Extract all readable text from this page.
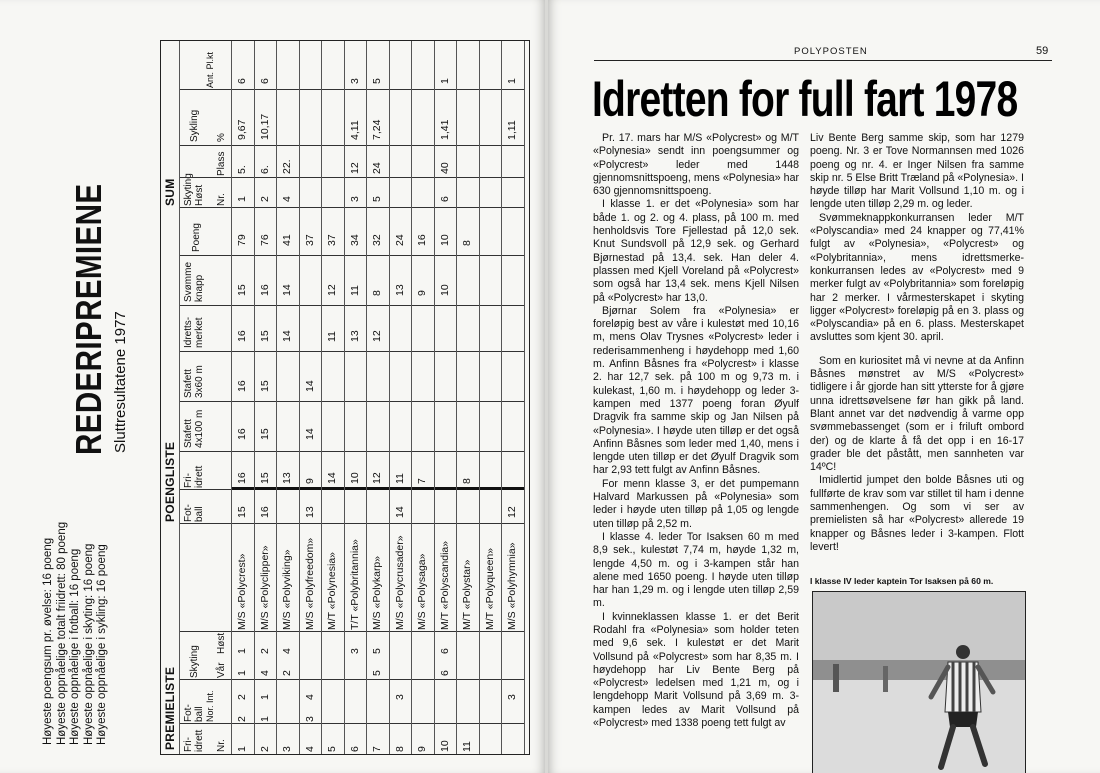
Høyeste poengsum pr. øvelse: 16 poeng Høyeste oppnåelige totalt friidrett: 80 poeng Høyeste oppnåelige i fotball: 16 poeng Høyeste oppnåelige i skyting: 16 poeng Høyeste oppnåelige i sykling: 16 poeng
REDERIPREMIENE Sluttresultatene 1977
PREMIELISTE
POENGLISTE
SUM
Fri-idrett
Fot-ball Nor. Int.
Skyting
Nr.
Vår
Høst
Fot-ball
Fri-idrett
Stafett 4x100 m
Stafett 3x60 m
Idretts-merket
Svømme knapp
Poeng
Skyting Høst Nr.
Plass
Sykling %
Ant. Pl.kt
1
2
2
1
1
M/S «Polycrest»
15
16
16
16
16
15
79
1
5.
9,67
6
2
1
1
4
2
M/S «Polyclipper»
16
15
15
15
15
16
76
2
6.
10,17
6
3
2
4
M/S «Polyviking»
13
14
14
41
4
22.
4
3
4
M/S «Polyfreedom»
13
9
14
14
37
5
M/T «Polynesia»
14
11
12
37
6
3
T/T «Polybritannia»
10
13
11
34
3
12
4,11
3
7
5
5
M/S «Polykarp»
12
12
8
32
5
24
7,24
5
8
3
M/S «Polycrusader»
14
11
13
24
9
M/S «Polysaga»
7
9
16
10
6
6
M/T «Polyscandia»
10
10
6
40
1,41
1
11
M/T «Polystar»
8
8
M/T «Polyqueen»
3
M/S «Polyhymnia»
12
1,11
1
POLYPOSTEN	59
Idretten for full fart 1978

Pr. 17. mars har M/S «Polycrest» og M/T «Polynesia» sendt inn poengsummer og «Polycrest» leder med 1448 gjennomsnittspoeng, mens «Polynesia» har 630 gjennomsnittspoeng.

I klasse 1. er det «Polynesia» som har både 1. og 2. og 4. plass, på 100 m. med henholdsvis Tore Fjellestad på 12,0 sek. Knut Sundsvoll på 12,9 sek. og Gerhard Bjørnestad på 13,4. sek. Han deler 4. plassen med Kjell Voreland på «Polycrest» som også har 13,4 sek. mens Kjell Nilsen på «Polycrest» har 13,0.

Bjørnar Solem fra «Polynesia» er foreløpig best av våre i kulestøt med 10,16 m, mens Olav Trysnes «Polycrest» leder i rederisammenheng i høydehopp med 1,60 m. Anfinn Båsnes fra «Polycrest» i klasse 2. har 12,7 sek. på 100 m og 9,73 m. i kulekast, 1,60 m. i høydehopp og leder 3-kampen med 1377 poeng foran Øyulf Dragvik fra samme skip og Jan Nilsen på «Polynesia». I høyde uten tilløp er det også Anfinn Båsnes som leder med 1,40, mens i lengde uten tilløp er det Øyulf Dragvik som har 2,93 tett fulgt av Anfinn Båsnes.

For menn klasse 3, er det pumpemann Halvard Markussen på «Polynesia» som leder i høyde uten tilløp på 1,05 og lengde uten tilløp på 2,52 m.

I klasse 4. leder Tor Isaksen 60 m med 8,9 sek., kulestøt 7,74 m, høyde 1,32 m, lengde 4,50 m. og i 3-kampen står han alene med 1650 poeng. I høyde uten tilløp har han 1,29 m. og i lengde uten tilløp 2,59 m.

I kvinneklassen klasse 1. er det Berit Rodahl fra «Polynesia» som holder teten med 9,6 sek. I kulestøt er det Marit Vollsund på «Polycrest» som har 8,35 m. I høydehopp har Liv Bente Berg på «Polycrest» ledelsen med 1,21 m, og i lengdehopp Marit Vollsund på 3,69 m. 3-kampen ledes av Marit Vollsund på «Polycrest» med 1338 poeng tett fulgt av

Liv Bente Berg samme skip, som har 1279 poeng. Nr. 3 er Tove Normannsen med 1026 poeng og nr. 4. er Inger Nilsen fra samme skip nr. 5 Else Britt Træland på «Polynesia». I høyde tilløp har Marit Vollsund 1,10 m. og i lengde uten tilløp 2,29 m. og leder.

Svømmeknappkonkurransen leder M/T «Polyscandia» med 24 knapper og 77,41% fulgt av «Polynesia», «Polycrest» og «Polybritannia», mens idrettsmerke-konkurransen ledes av «Polycrest» med 9 merker fulgt av «Polybritannia» som foreløpig har 2 merker. I vårmesterskapet i skyting ligger «Polycrest» foreløpig på en 3. plass og «Polyscandia» på en 6. plass. Mesterskapet avsluttes som kjent 30. april.

Som en kuriositet må vi nevne at da Anfinn Båsnes mønstret av M/S «Polycrest» tidligere i år gjorde han sitt ytterste for å gjøre unna idrettsøvelsene før han gikk på land. Blant annet var det nødvendig å varme opp svømmebassenget (som er i friluft ombord der) og de klarte å få det opp i en 16-17 grader ble det påstått, men sannheten var 14ºC!

Imidlertid jumpet den bolde Båsnes uti og fullførte de krav som var stillet til ham i denne sammenhengen. Og som vi ser av premielisten så har «Polycrest» allerede 19 knapper og Båsnes leder i 3-kampen. Flott levert!

I klasse IV leder kaptein Tor Isaksen på 60 m.
